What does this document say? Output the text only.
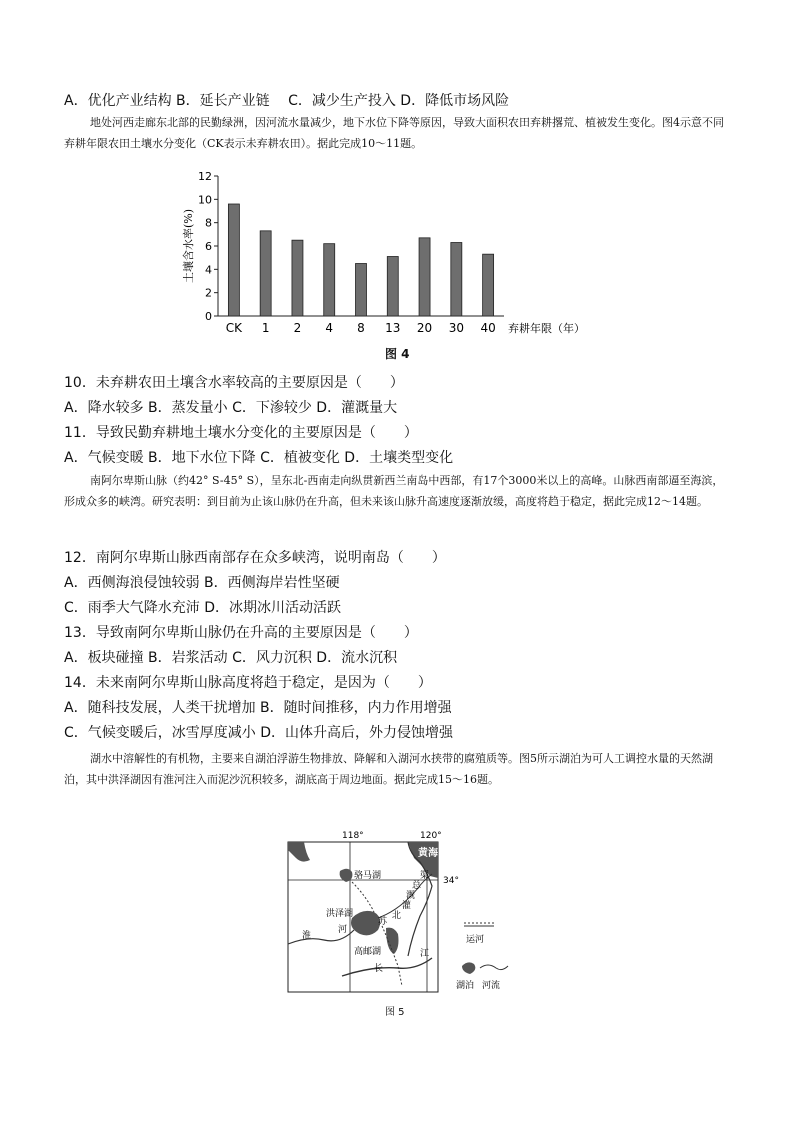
A．优化产业结构 B．延长产业链　 C．减少生产投入 D．降低市场风险
地处河西走廊东北部的民勤绿洲，因河流水量减少，地下水位下降等原因，导致大面积农田弃耕撂荒、植被发生变化。图4示意不同弃耕年限农田土壤水分变化（CK表示未弃耕农田）。据此完成10～11题。
0
2
4
6
8
10
12
土壤含水率(%)
CK 1 2 4 8 13 20 30 40 弃耕年限（年）
图 4
10．未弃耕农田土壤含水率较高的主要原因是（　　）
A．降水较多 B．蒸发量小 C．下渗较少 D．灌溉量大
11．导致民勤弃耕地土壤水分变化的主要原因是（　　）
A．气候变暖 B．地下水位下降 C．植被变化 D．土壤类型变化
南阿尔卑斯山脉（约42° S-45° S），呈东北-西南走向纵贯新西兰南岛中西部，有17个3000米以上的高峰。山脉西南部逼至海滨，形成众多的峡湾。研究表明：到目前为止该山脉仍在升高，但未来该山脉升高速度逐渐放缓，高度将趋于稳定，据此完成12～14题。
12．南阿尔卑斯山脉西南部存在众多峡湾，说明南岛（　　）
A．西侧海浪侵蚀较弱 B．西侧海岸岩性坚硬
C．雨季大气降水充沛 D．冰期冰川活动活跃
13．导致南阿尔卑斯山脉仍在升高的主要原因是（　　）
A．板块碰撞 B．岩浆活动 C．风力沉积 D．流水沉积
14．未来南阿尔卑斯山脉高度将趋于稳定，是因为（　　）
A．随科技发展，人类干扰增加 B．随时间推移，内力作用增强
C．气候变暖后，冰雪厚度减小 D．山体升高后，外力侵蚀增强
湖水中溶解性的有机物，主要来自湖泊浮游生物排放、降解和入湖河水挟带的腐殖质等。图5所示湖泊为可人工调控水量的天然湖泊，其中洪泽湖因有淮河注入而泥沙沉积较多，湖底高于周边地面。据此完成15～16题。
118°	120°
34°
黄海
骆马湖
洪泽湖
高邮湖
淮
河
长
江
苏
北
灌
溉
总
渠
运河
湖泊 河流
图 5
